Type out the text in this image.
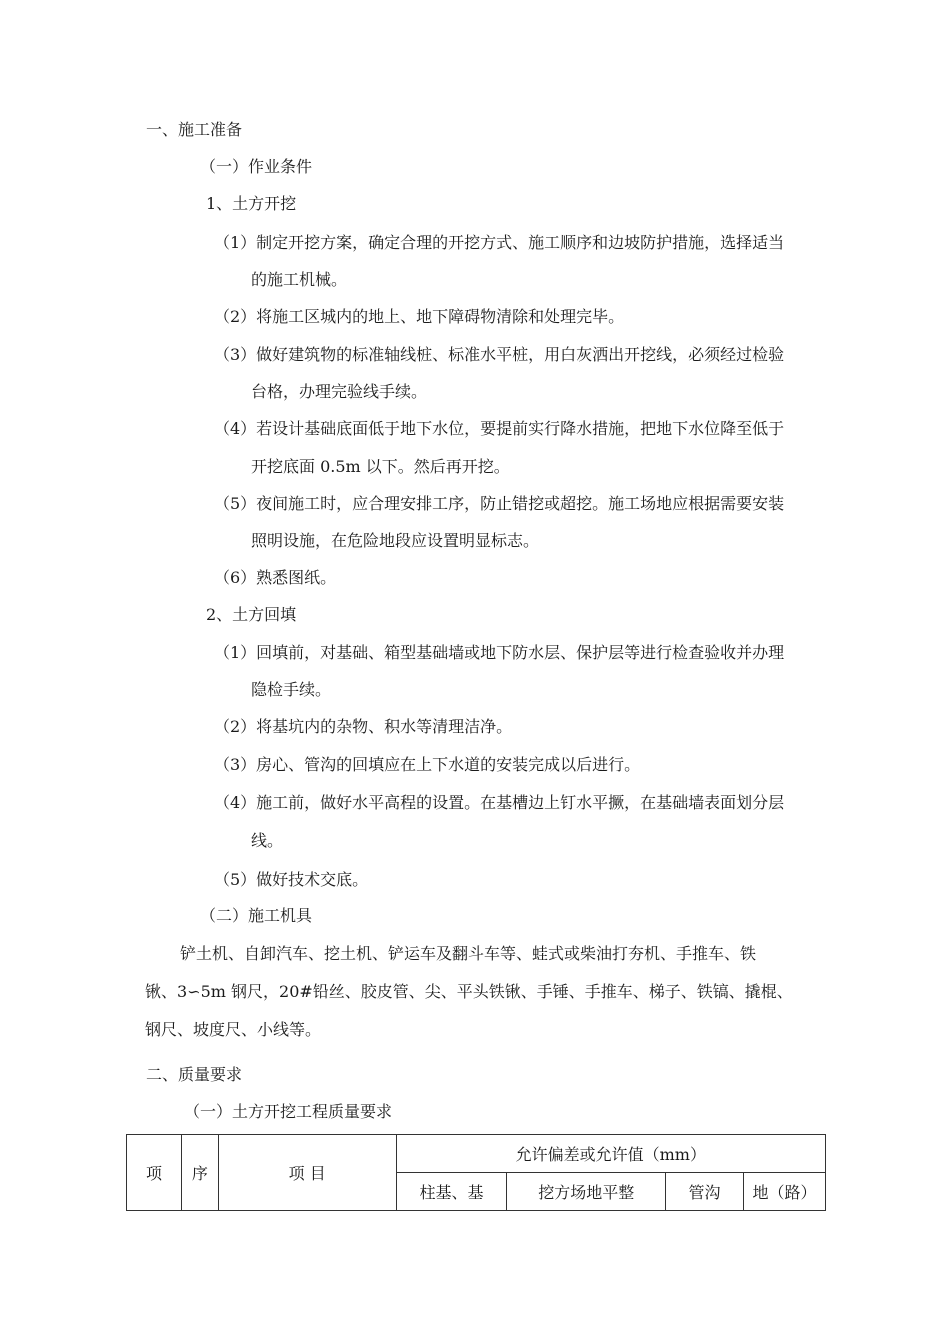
一、施工准备
（一）作业条件
1、土方开挖
（1）制定开挖方案，确定合理的开挖方式、施工顺序和边坡防护措施，选择适当
的施工机械。
（2）将施工区城内的地上、地下障碍物清除和处理完毕。
（3）做好建筑物的标准轴线桩、标准水平桩，用白灰洒出开挖线，必须经过检验
台格，办理完验线手续。
（4）若设计基础底面低于地下水位，要提前实行降水措施，把地下水位降至低于
开挖底面 0.5m 以下。然后再开挖。
（5）夜间施工时，应合理安排工序，防止错挖或超挖。施工场地应根据需要安装
照明设施，在危险地段应设置明显标志。
（6）熟悉图纸。
2、土方回填
（1）回填前，对基础、箱型基础墙或地下防水层、保护层等进行检查验收并办理
隐检手续。
（2）将基坑内的杂物、积水等清理洁净。
（3）房心、管沟的回填应在上下水道的安装完成以后进行。
（4）施工前，做好水平高程的设置。在基槽边上钉水平撅，在基础墙表面划分层
线。
（5）做好技术交底。
（二）施工机具
铲土机、自卸汽车、挖土机、铲运车及翻斗车等、蛙式或柴油打夯机、手推车、铁
锹、3∽5m 钢尺，20#铅丝、胶皮管、尖、平头铁锹、手锤、手推车、梯子、铁镐、撬棍、
钢尺、坡度尺、小线等。
二、质量要求
（一）土方开挖工程质量要求
项	序	项 目	允许偏差或允许值（mm）			
			柱基、基	挖方场地平整	管沟	地（路）
